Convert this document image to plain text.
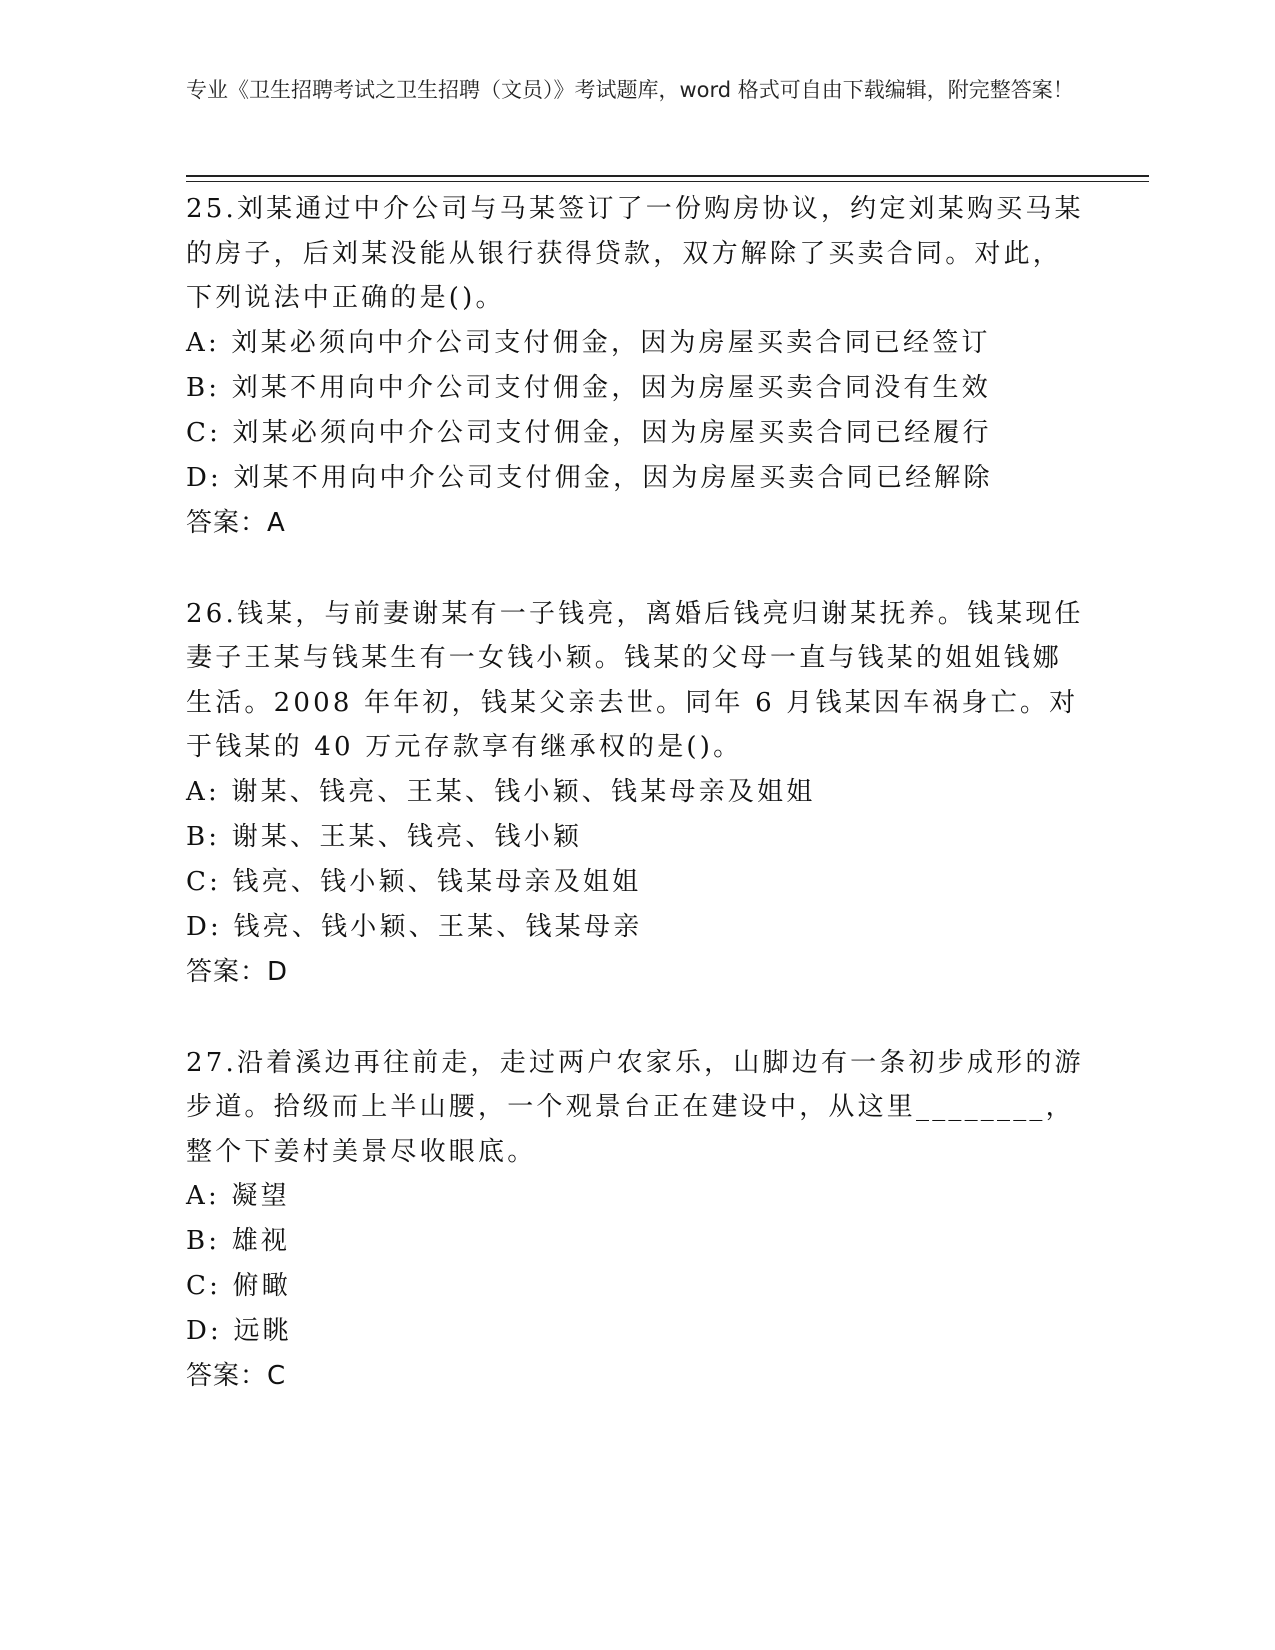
专业《卫生招聘考试之卫生招聘（文员）》考试题库，word 格式可自由下载编辑，附完整答案！
25.刘某通过中介公司与马某签订了一份购房协议，约定刘某购买马某的房子，后刘某没能从银行获得贷款，双方解除了买卖合同。对此，下列说法中正确的是()。
A: 刘某必须向中介公司支付佣金，因为房屋买卖合同已经签订
B: 刘某不用向中介公司支付佣金，因为房屋买卖合同没有生效
C: 刘某必须向中介公司支付佣金，因为房屋买卖合同已经履行
D: 刘某不用向中介公司支付佣金，因为房屋买卖合同已经解除
答案：A
26.钱某，与前妻谢某有一子钱亮，离婚后钱亮归谢某抚养。钱某现任妻子王某与钱某生有一女钱小颖。钱某的父母一直与钱某的姐姐钱娜生活。2008 年年初，钱某父亲去世。同年 6 月钱某因车祸身亡。对于钱某的 40 万元存款享有继承权的是()。
A: 谢某、钱亮、王某、钱小颖、钱某母亲及姐姐
B: 谢某、王某、钱亮、钱小颖
C: 钱亮、钱小颖、钱某母亲及姐姐
D: 钱亮、钱小颖、王某、钱某母亲
答案：D
27.沿着溪边再往前走，走过两户农家乐，山脚边有一条初步成形的游步道。拾级而上半山腰，一个观景台正在建设中，从这里________，整个下姜村美景尽收眼底。
A: 凝望
B: 雄视
C: 俯瞰
D: 远眺
答案：C
